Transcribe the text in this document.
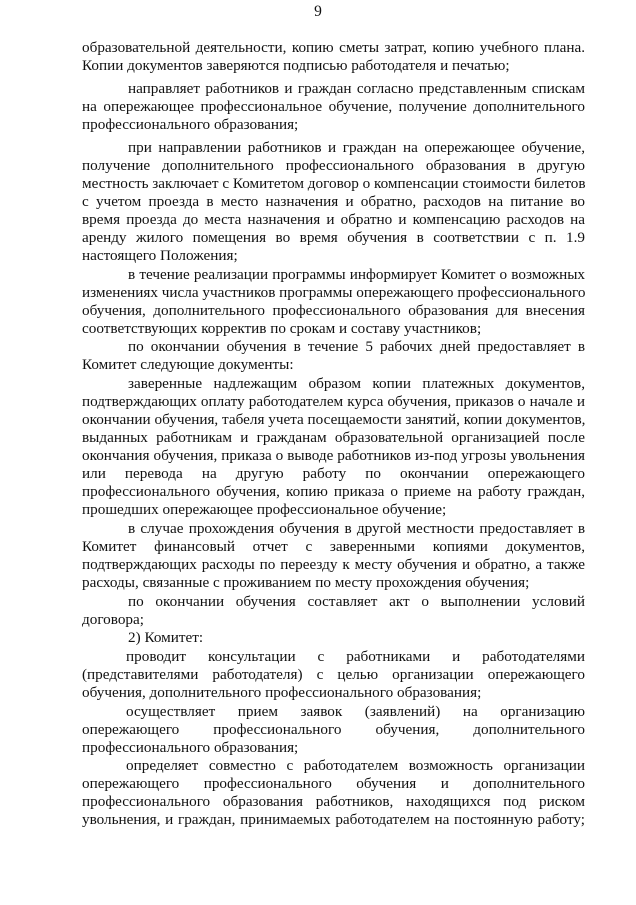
9

образовательной деятельности, копию сметы затрат, копию учебного плана.

Копии документов заверяются подписью работодателя и печатью;

направляет работников и граждан согласно представленным спискам

на опережающее профессиональное обучение, получение дополнительного

профессионального образования;

при направлении работников и граждан на опережающее обучение,

получение дополнительного профессионального образования в другую

местность заключает с Комитетом договор о компенсации стоимости билетов

с учетом проезда в место назначения и обратно, расходов на питание во

время проезда до места назначения и обратно и компенсацию расходов на

аренду жилого помещения во время обучения в соответствии с п. 1.9

настоящего Положения;

в течение реализации программы информирует Комитет о возможных

изменениях числа участников программы опережающего профессионального

обучения, дополнительного профессионального образования для внесения

соответствующих корректив по срокам и составу участников;

по окончании обучения в течение 5 рабочих дней предоставляет в

Комитет следующие документы:

заверенные надлежащим образом копии платежных документов,

подтверждающих оплату работодателем курса обучения, приказов о начале и

окончании обучения, табеля учета посещаемости занятий, копии документов,

выданных работникам и гражданам образовательной организацией после

окончания обучения, приказа о выводе работников из-под угрозы увольнения

или перевода на другую работу по окончании опережающего

профессионального обучения, копию приказа о приеме на работу граждан,

прошедших опережающее профессиональное обучение;

в случае прохождения обучения в другой местности предоставляет в

Комитет финансовый отчет с заверенными копиями документов,

подтверждающих расходы по переезду к месту обучения и обратно, а также

расходы, связанные с проживанием по месту прохождения обучения;

по окончании обучения составляет акт о выполнении условий

договора;

2) Комитет:

проводит консультации с работниками и работодателями

(представителями работодателя) с целью организации опережающего

обучения, дополнительного профессионального образования;

осуществляет прием заявок (заявлений) на организацию

опережающего профессионального обучения, дополнительного

профессионального образования;

определяет совместно с работодателем возможность организации

опережающего профессионального обучения и дополнительного

профессионального образования работников, находящихся под риском

увольнения, и граждан, принимаемых работодателем на постоянную работу;
